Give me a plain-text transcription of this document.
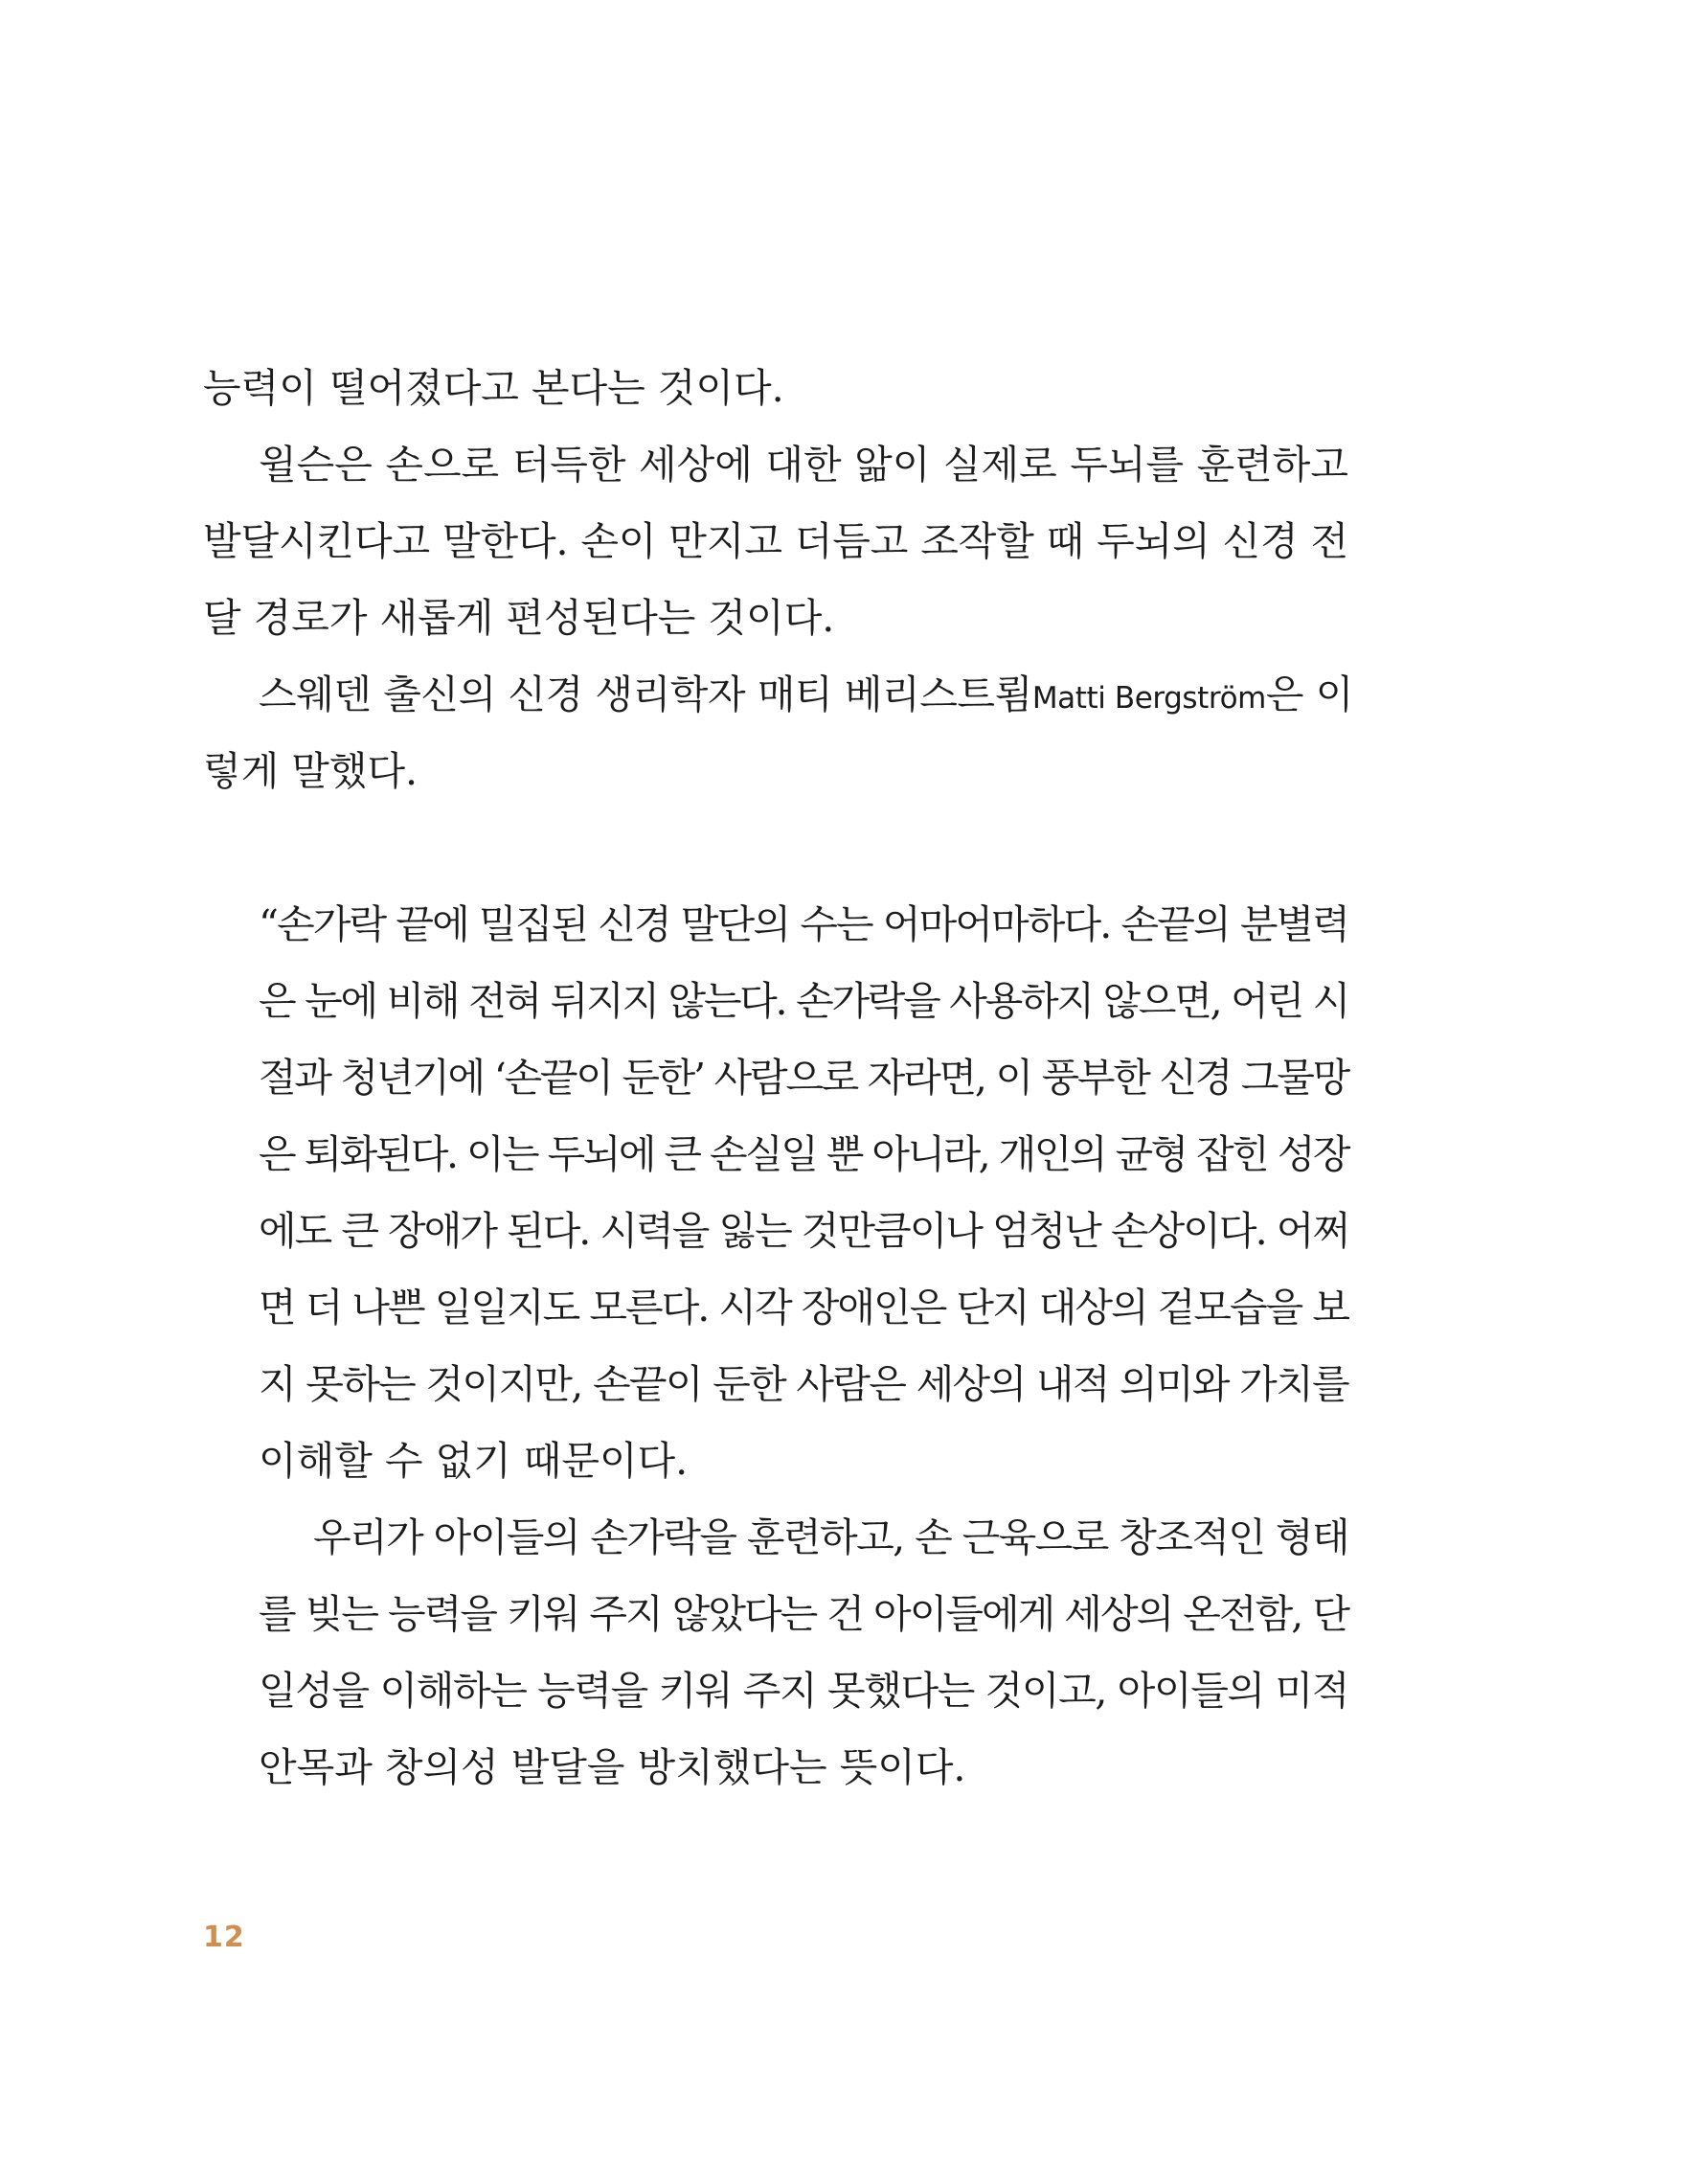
능력이 떨어졌다고 본다는 것이다.
윌슨은 손으로 터득한 세상에 대한 앎이 실제로 두뇌를 훈련하고
발달시킨다고 말한다. 손이 만지고 더듬고 조작할 때 두뇌의 신경 전
달 경로가 새롭게 편성된다는 것이다.
스웨덴 출신의 신경 생리학자 매티 베리스트룀Matti Bergström은 이
렇게 말했다.
“손가락 끝에 밀집된 신경 말단의 수는 어마어마하다. 손끝의 분별력
은 눈에 비해 전혀 뒤지지 않는다. 손가락을 사용하지 않으면, 어린 시
절과 청년기에 ‘손끝이 둔한’ 사람으로 자라면, 이 풍부한 신경 그물망
은 퇴화된다. 이는 두뇌에 큰 손실일 뿐 아니라, 개인의 균형 잡힌 성장
에도 큰 장애가 된다. 시력을 잃는 것만큼이나 엄청난 손상이다. 어쩌
면 더 나쁜 일일지도 모른다. 시각 장애인은 단지 대상의 겉모습을 보
지 못하는 것이지만, 손끝이 둔한 사람은 세상의 내적 의미와 가치를
이해할 수 없기 때문이다.
우리가 아이들의 손가락을 훈련하고, 손 근육으로 창조적인 형태
를 빚는 능력을 키워 주지 않았다는 건 아이들에게 세상의 온전함, 단
일성을 이해하는 능력을 키워 주지 못했다는 것이고, 아이들의 미적
안목과 창의성 발달을 방치했다는 뜻이다.
12
